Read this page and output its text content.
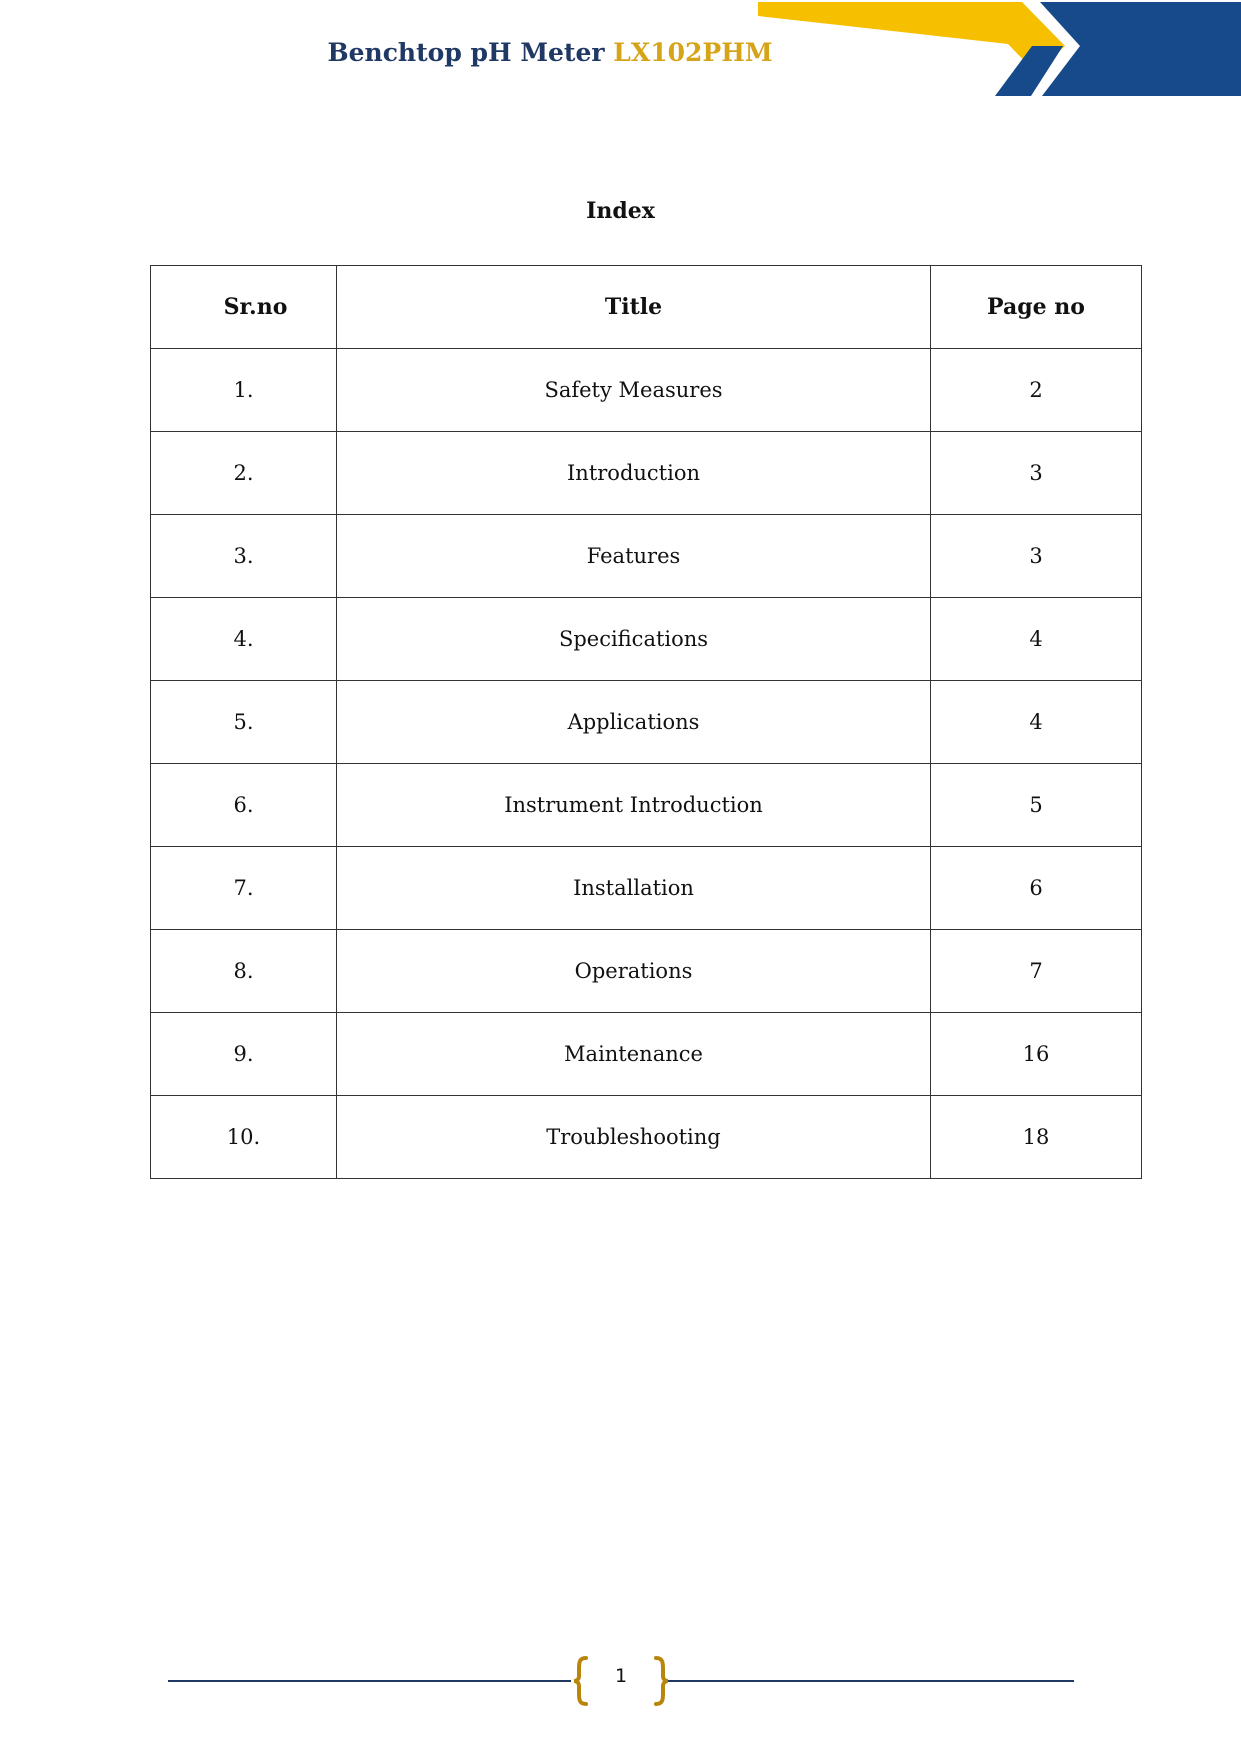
Benchtop pH Meter LX102PHM
Index
Sr.no	Title	Page no
1.	Safety Measures	2
2.	Introduction	3
3.	Features	3
4.	Specifications	4
5.	Applications	4
6.	Instrument Introduction	5
7.	Installation	6
8.	Operations	7
9.	Maintenance	16
10.	Troubleshooting	18
1
